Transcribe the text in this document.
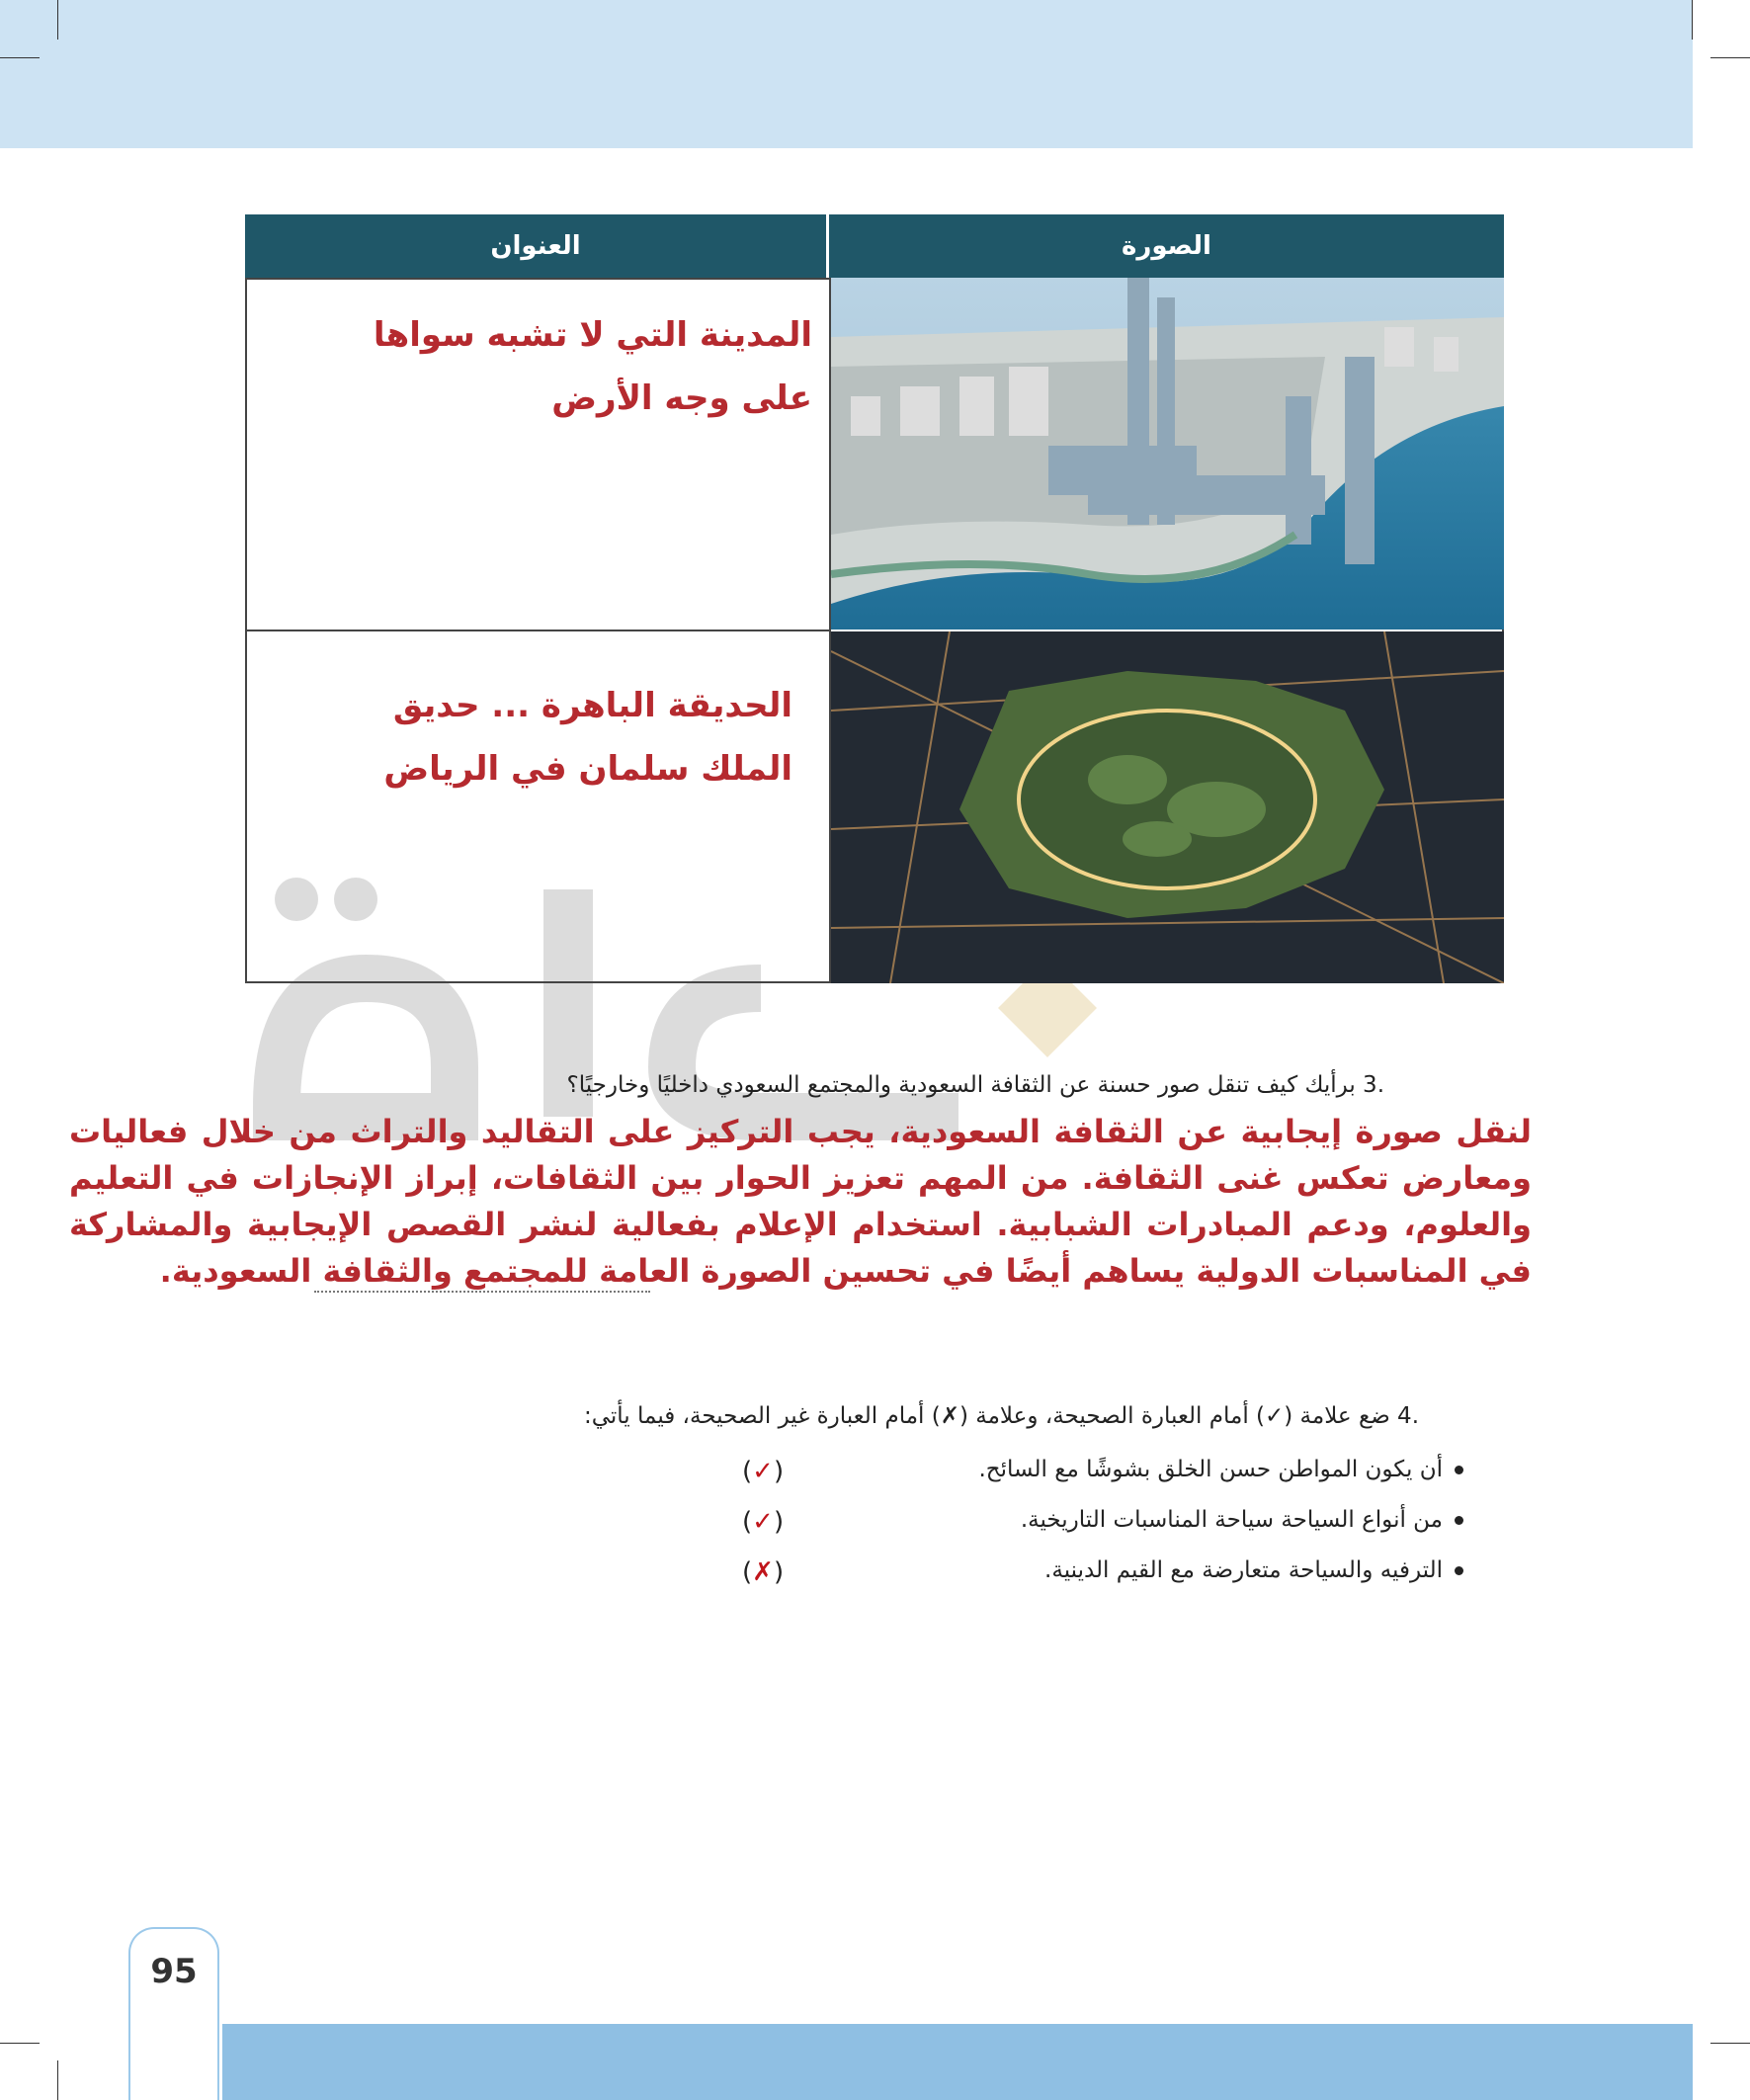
العنوان	الصورة
المدينة التي لا تشبه سواها
على وجه الأرض
الحديقة الباهرة ... حديق
الملك سلمان في الرياض
.3 برأيك كيف تنقل صور حسنة عن الثقافة السعودية والمجتمع السعودي داخليًا وخارجيًا؟
لنقل صورة إيجابية عن الثقافة السعودية، يجب التركيز على التقاليد والتراث من خلال فعاليات ومعارض تعكس غنى الثقافة. من المهم تعزيز الحوار بين الثقافات، إبراز الإنجازات في التعليم والعلوم، ودعم المبادرات الشبابية. استخدام الإعلام بفعالية لنشر القصص الإيجابية والمشاركة في المناسبات الدولية يساهم أيضًا في تحسين الصورة العامة للمجتمع والثقافة السعودية.
.4 ضع علامة (✓) أمام العبارة الصحيحة، وعلامة (✗) أمام العبارة غير الصحيحة، فيما يأتي:
أن يكون المواطن حسن الخلق بشوشًا مع السائح.
(✓)
من أنواع السياحة سياحة المناسبات التاريخية.
(✓)
الترفيه والسياحة متعارضة مع القيم الدينية.
(✗)
95
